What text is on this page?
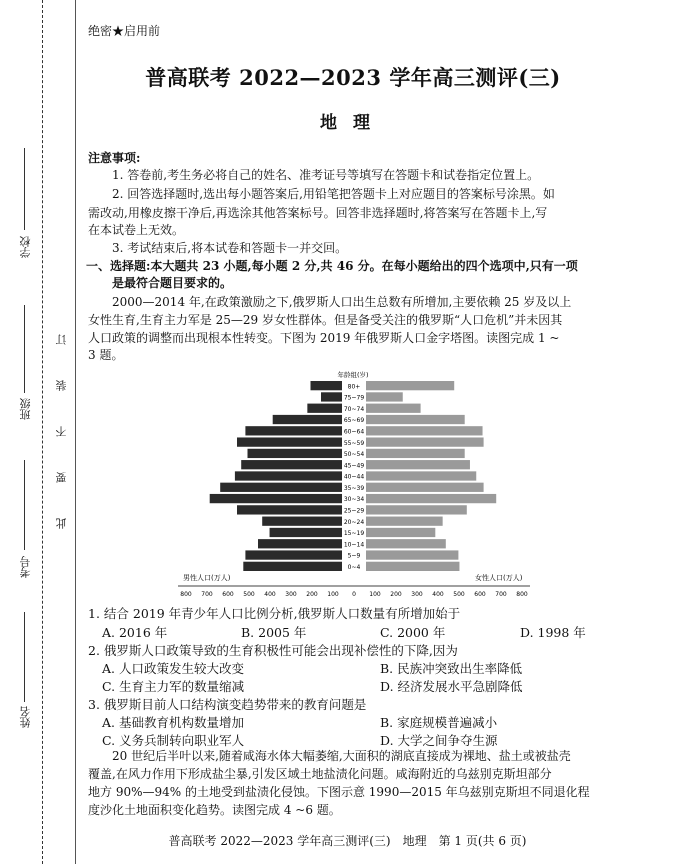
学校
班级
考号
姓名
订
装
不
要
此
绝密★启用前
普高联考 2022—2023 学年高三测评(三)
地理
注意事项:
1. 答卷前,考生务必将自己的姓名、准考证号等填写在答题卡和试卷指定位置上。
2. 回答选择题时,选出每小题答案后,用铅笔把答题卡上对应题目的答案标号涂黑。如
需改动,用橡皮擦干净后,再选涂其他答案标号。回答非选择题时,将答案写在答题卡上,写
在本试卷上无效。
3. 考试结束后,将本试卷和答题卡一并交回。
一、选择题:本大题共 23 小题,每小题 2 分,共 46 分。在每小题给出的四个选项中,只有一项
是最符合题目要求的。
2000—2014 年,在政策激励之下,俄罗斯人口出生总数有所增加,主要依赖 25 岁及以上
女性生育,生育主力军是 25—29 岁女性群体。但是备受关注的俄罗斯“人口危机”并未因其
人口政策的调整而出现根本性转变。下图为 2019 年俄罗斯人口金字塔图。读图完成 1 ~
3 题。
0~4
5~9
10~14
15~19
20~24
25~29
30~34
35~39
40~44
45~49
50~54
55~59
60~64
65~69
70~74
75~79
80+
800 700 600 500 400 300 200 100 0 100 200 300 400 500 600 700 800
年龄组(岁)
男性人口(万人)	女性人口(万人)
1. 结合 2019 年青少年人口比例分析,俄罗斯人口数量有所增加始于
A. 2016 年	B. 2005 年	C. 2000 年	D. 1998 年
2. 俄罗斯人口政策导致的生育积极性可能会出现补偿性的下降,因为
A. 人口政策发生较大改变	B. 民族冲突致出生率降低
C. 生育主力军的数量缩减	D. 经济发展水平急剧降低
3. 俄罗斯目前人口结构演变趋势带来的教育问题是
A. 基础教育机构数量增加	B. 家庭规模普遍减小
C. 义务兵制转向职业军人	D. 大学之间争夺生源
20 世纪后半叶以来,随着咸海水体大幅萎缩,大面积的湖底直接成为裸地、盐土或被盐壳
覆盖,在风力作用下形成盐尘暴,引发区域土地盐渍化问题。咸海附近的乌兹别克斯坦部分
地方 90%—94% 的土地受到盐渍化侵蚀。下图示意 1990—2015 年乌兹别克斯坦不同退化程
度沙化土地面积变化趋势。读图完成 4 ~6 题。
普高联考 2022—2023 学年高三测评(三)　地理　第 1 页(共 6 页)
